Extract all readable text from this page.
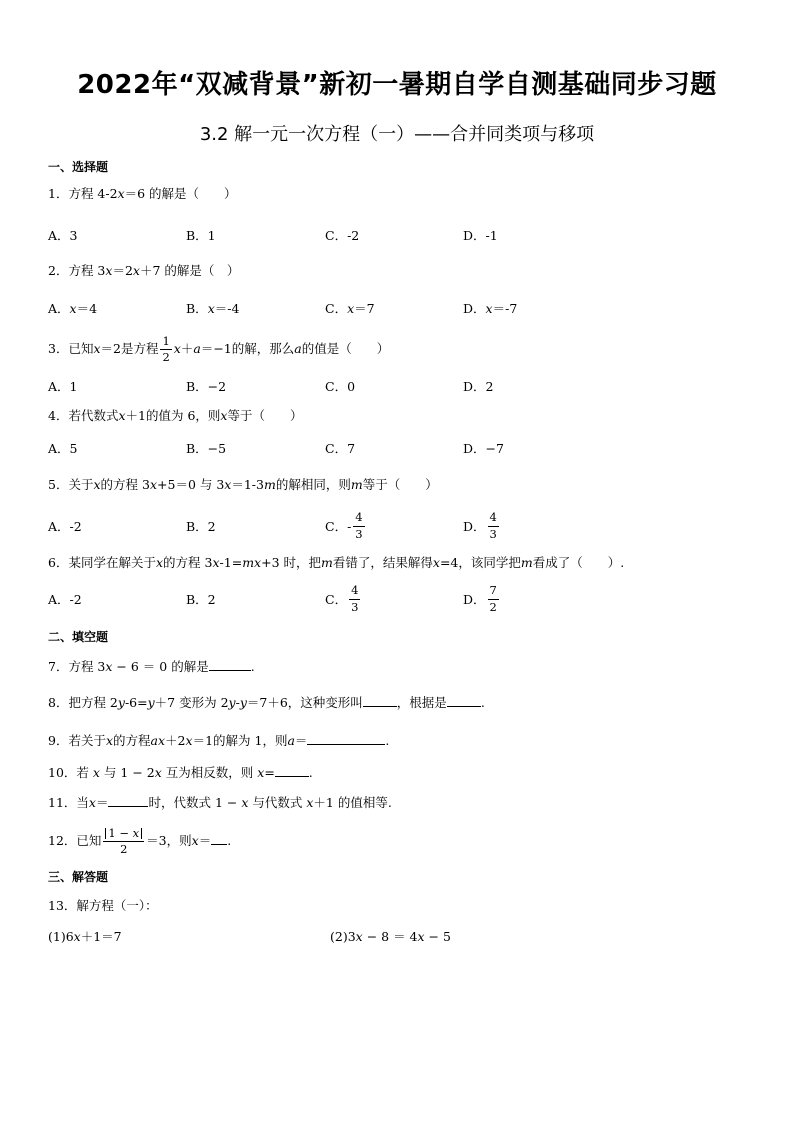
2022年“双减背景”新初一暑期自学自测基础同步习题
3.2 解一元一次方程（一）——合并同类项与移项
一、选择题
1．方程 4-2x＝6 的解是（　　）
A．3	B．1	C．-2	D．-1
2．方程 3x＝2x＋7 的解是（　）
A． x ＝4	B． x ＝-4	C． x ＝7	D． x ＝-7
3．已知x＝2是方程 $\frac{1}{2} x+a=-1$的解，那么a的值是（　　）
A．1	B．−2	C．0	D．2
4．若代数式x＋1的值为 6，则x等于（　　）
A．5	B．−5	C．7	D．−7
5．关于x的方程 3x+5＝0 与 3x＝1-3m的解相同，则m等于（　　）
A．-2	B．2	C．- $\frac{4}{3}$	D． $\frac{4}{3}$
6．某同学在解关于x的方程 3x-1=mx+3 时，把m看错了，结果解得x=4，该同学把m看成了（　　）.
A．-2	B．2	C． $\frac{4}{3}$	D． $\frac{7}{2}$
二、填空题
7．方程 3x − 6 ＝ 0 的解是	.
8．把方程 2y-6=y＋7 变形为 2y-y＝7＋6，这种变形叫	，根据是	.
9．若关于x的方程ax＋2x＝1的解为 1，则a＝	.
10．若 x 与 1 − 2x 互为相反数，则 x=	.
11．当x＝	时，代数式 1 − x 与代数式 x＋1 的值相等.
12．已知 $\frac{1 - x}{2} =3$，则x＝ .
三、解答题
13．解方程（一）：
(1)6x＋1＝7	(2)3x − 8 ＝ 4x − 5
